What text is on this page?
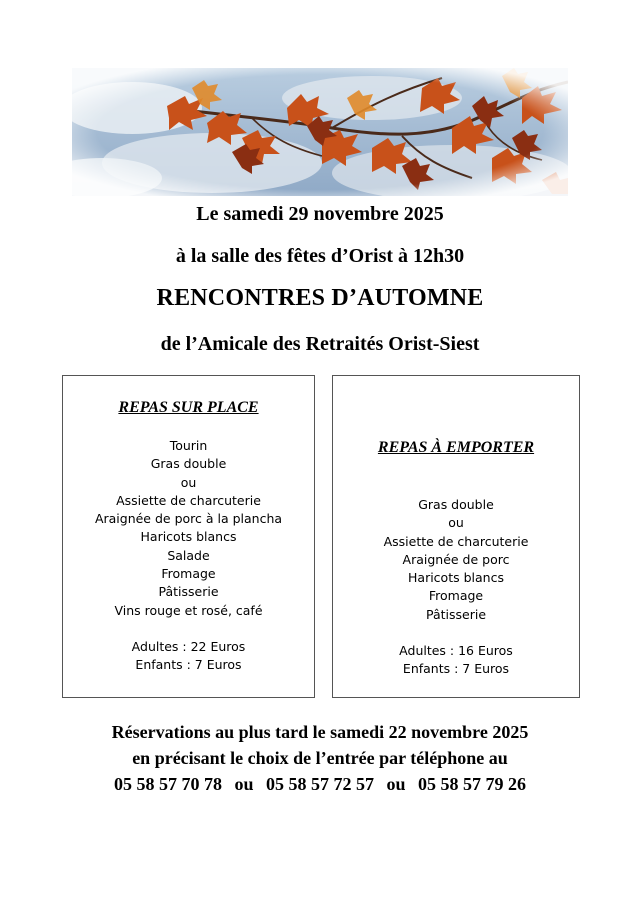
Le samedi 29 novembre 2025
à la salle des fêtes d’Orist à 12h30
RENCONTRES D’AUTOMNE
de l’Amicale des Retraités Orist-Siest
REPAS SUR PLACE
Tourin
Gras double
ou
Assiette de charcuterie
Araignée de porc à la plancha
Haricots blancs
Salade
Fromage
Pâtisserie
Vins rouge et rosé, café
Adultes : 22 Euros
Enfants : 7 Euros
REPAS À EMPORTER
Gras double
ou
Assiette de charcuterie
Araignée de porc
Haricots blancs
Fromage
Pâtisserie
Adultes : 16 Euros
Enfants : 7 Euros
Réservations au plus tard le samedi 22 novembre 2025
en précisant le choix de l’entrée par téléphone au
05 58 57 70 78 ou 05 58 57 72 57 ou 05 58 57 79 26
